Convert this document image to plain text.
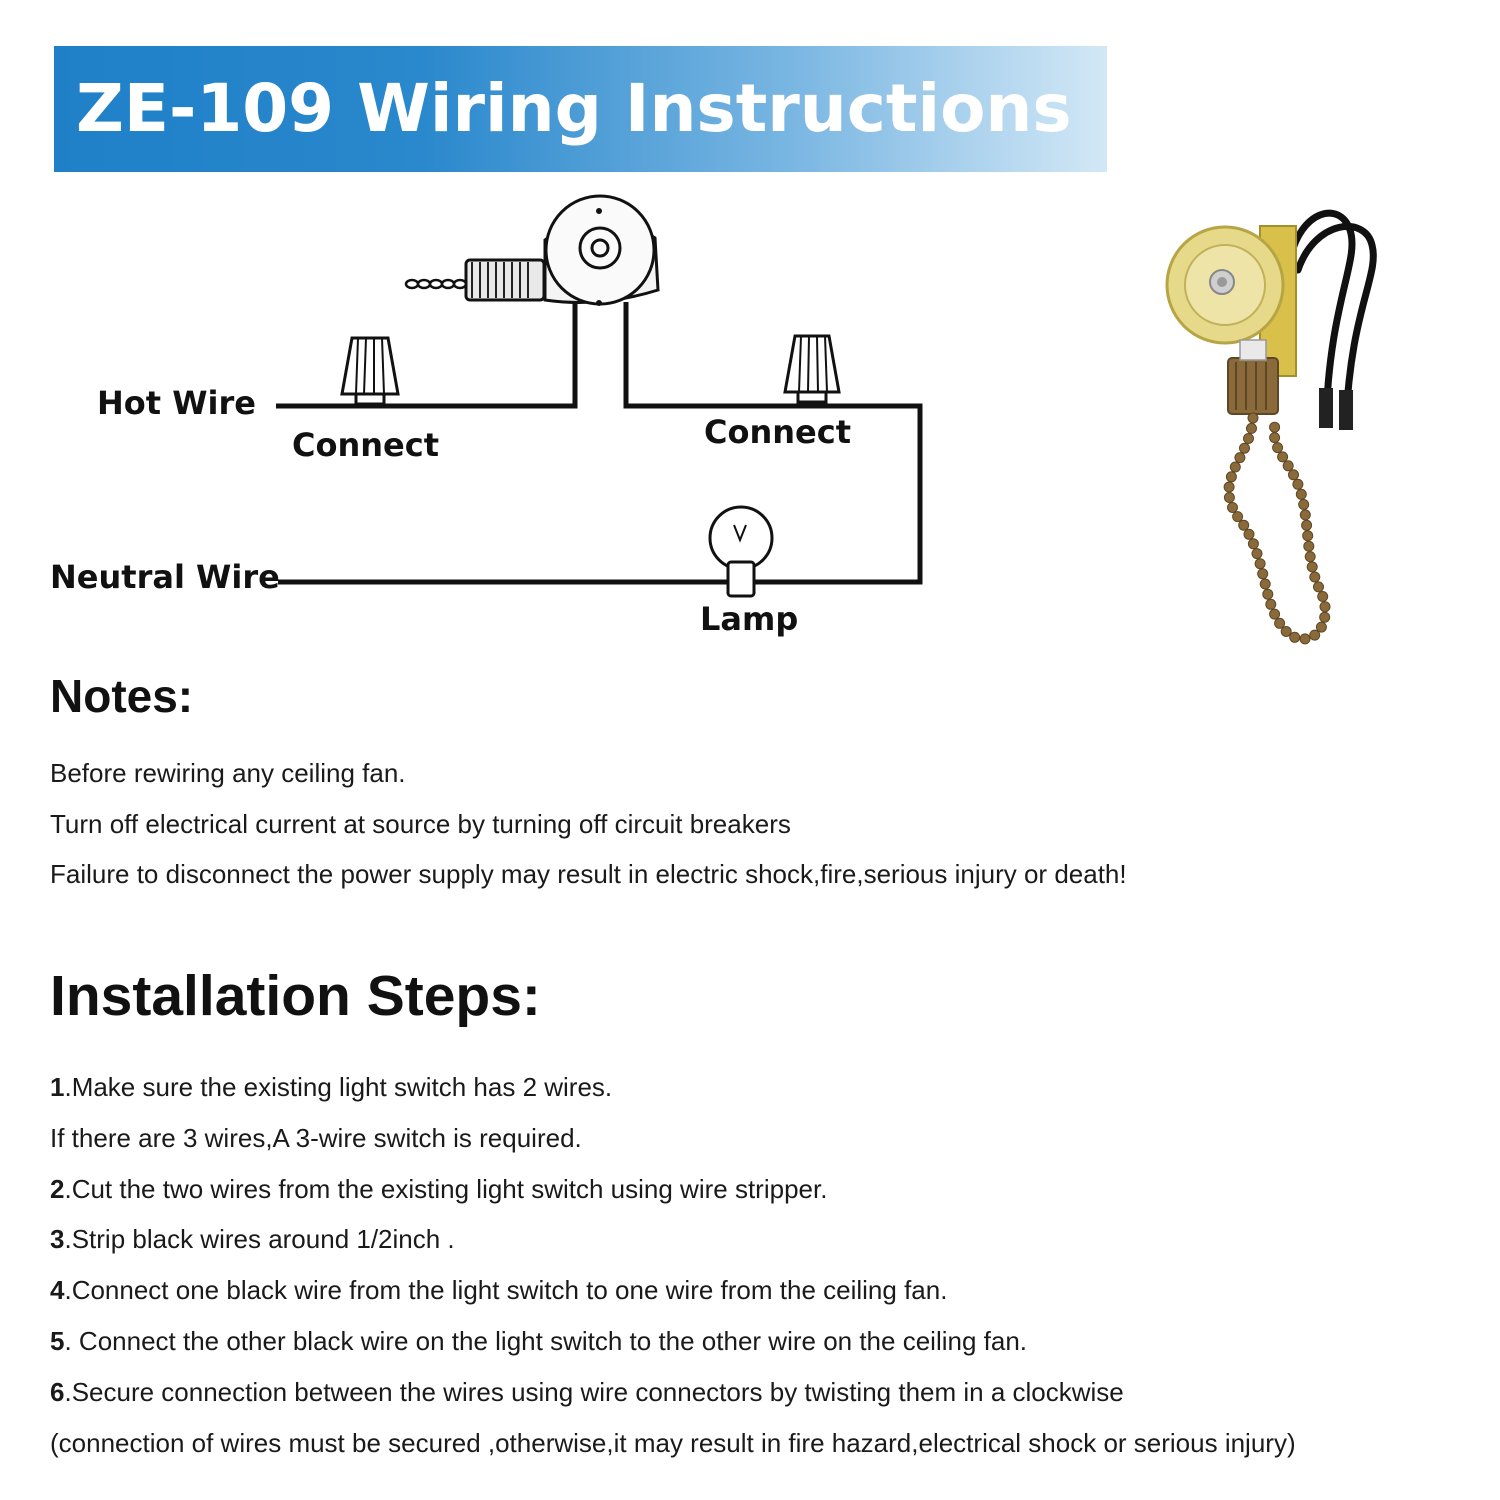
ZE-109 Wiring Instructions
Hot Wire
Connect	Connect
Neutral Wire
Lamp
Notes:

Before rewiring any ceiling fan.

Turn off electrical current at source by turning off circuit breakers

Failure to disconnect the power supply may result in electric shock,fire,serious injury or death!

Installation Steps:

1.Make sure the existing light switch has 2 wires.

If there are 3 wires,A 3-wire switch is required.

2.Cut the two wires from the existing light switch using wire stripper.

3.Strip black wires around 1/2inch .

4.Connect one black wire from the light switch to one wire from the ceiling fan.

5. Connect the other black wire on the light switch to the other wire on the ceiling fan.

6.Secure connection between the wires using wire connectors by twisting them in a clockwise

(connection of wires must be secured ,otherwise,it may result in fire hazard,electrical shock or serious injury)
